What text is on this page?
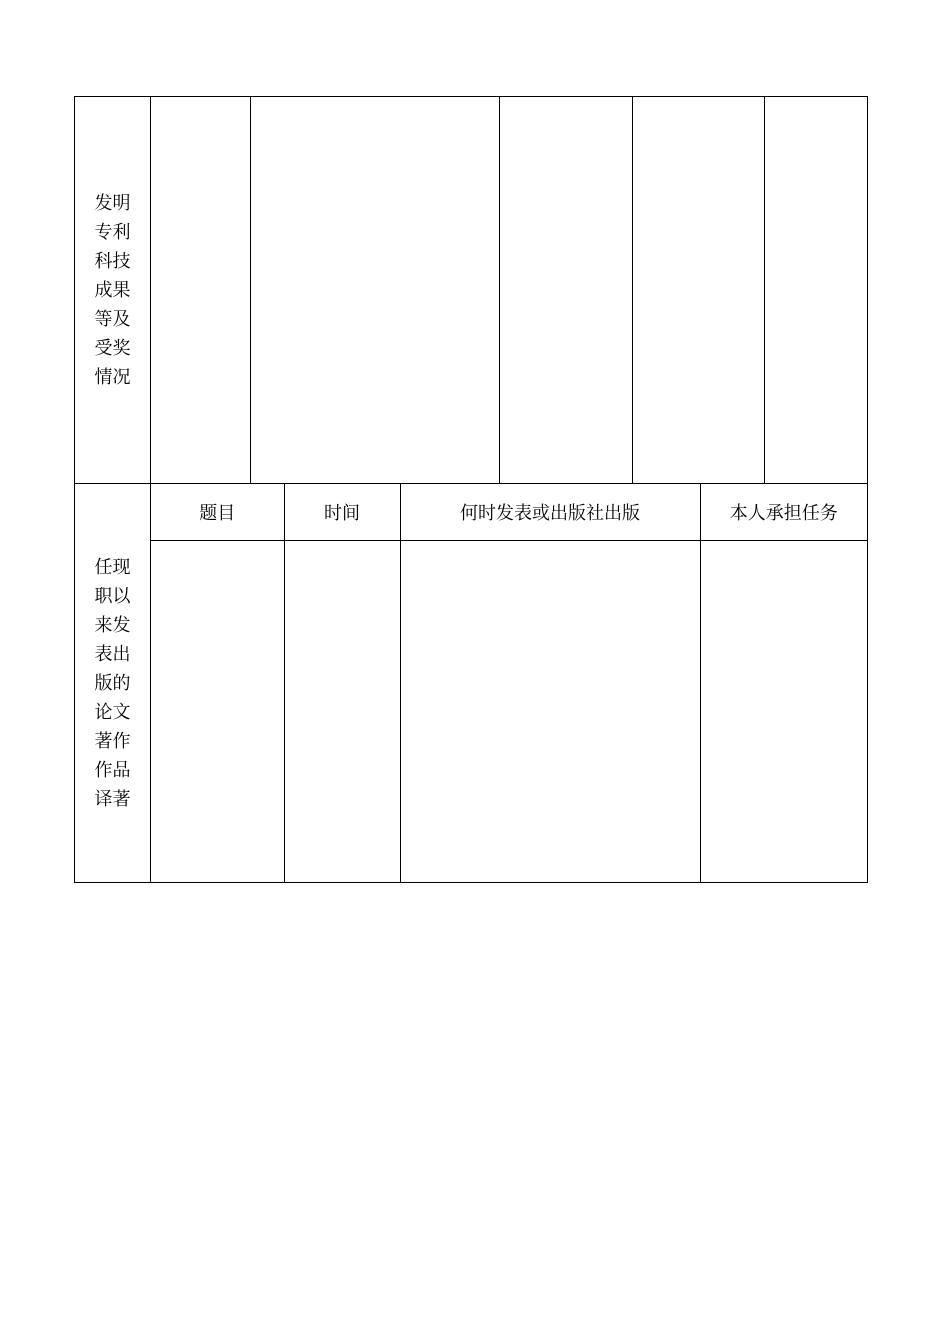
发明
专利
科技
成果
等及
受奖
情况

任现
职以
来发
表出
版的
论文
著作
作品
译著

题目	时间	何时发表或出版社出版	本人承担任务
